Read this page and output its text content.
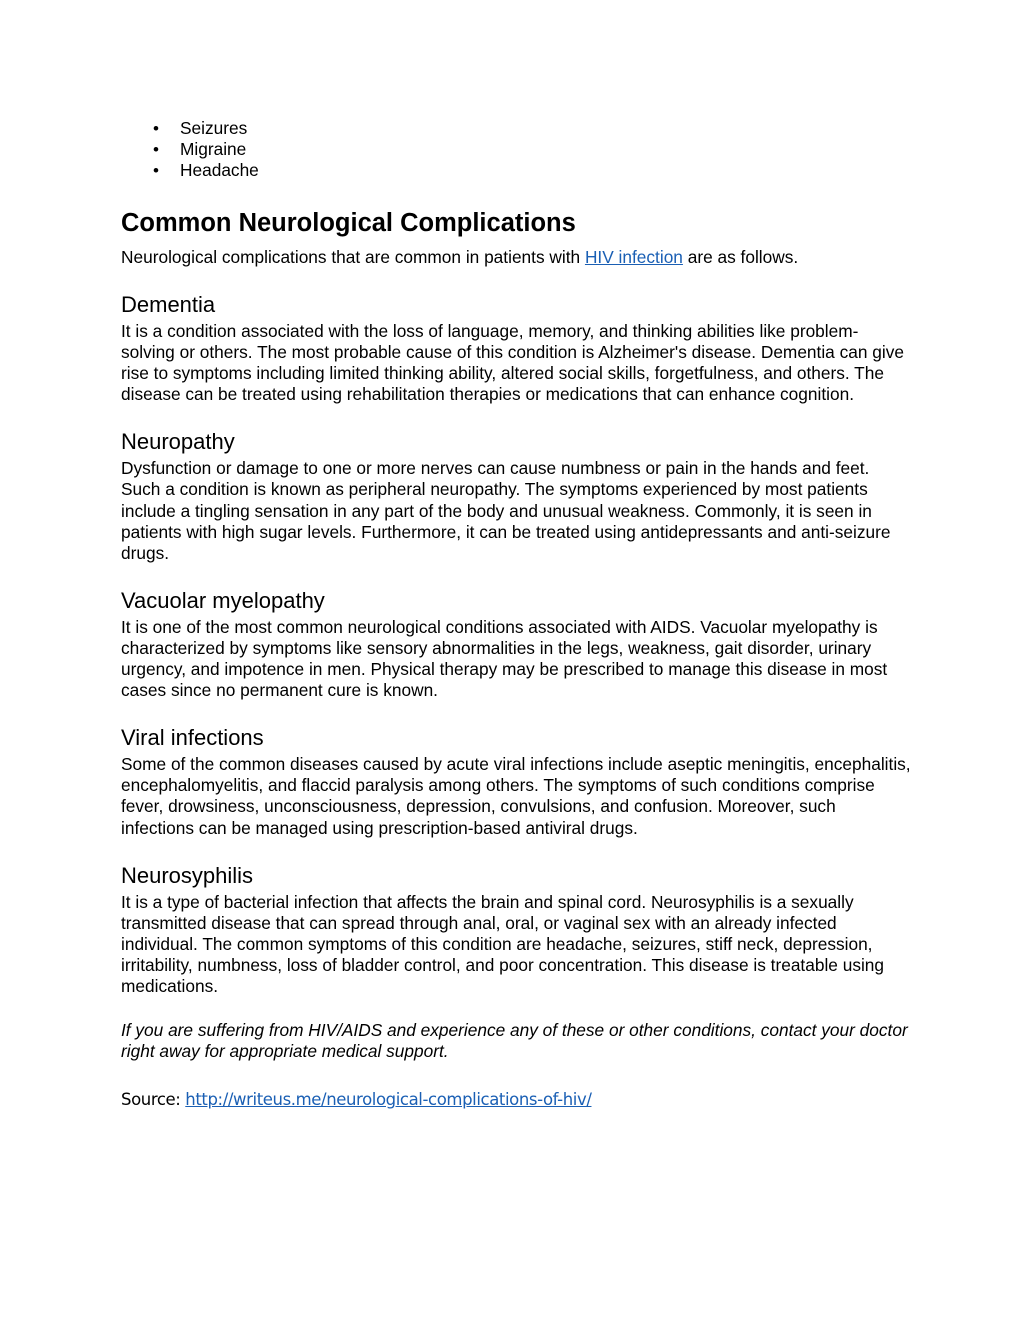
• Seizures
• Migraine
• Headache
Common Neurological Complications

Neurological complications that are common in patients with HIV infection are as follows.

Dementia

It is a condition associated with the loss of language, memory, and thinking abilities like problem-solving or others. The most probable cause of this condition is Alzheimer's disease. Dementia can give rise to symptoms including limited thinking ability, altered social skills, forgetfulness, and others. The disease can be treated using rehabilitation therapies or medications that can enhance cognition.

Neuropathy

Dysfunction or damage to one or more nerves can cause numbness or pain in the hands and feet. Such a condition is known as peripheral neuropathy. The symptoms experienced by most patients include a tingling sensation in any part of the body and unusual weakness. Commonly, it is seen in patients with high sugar levels. Furthermore, it can be treated using antidepressants and anti-seizure drugs.

Vacuolar myelopathy

It is one of the most common neurological conditions associated with AIDS. Vacuolar myelopathy is characterized by symptoms like sensory abnormalities in the legs, weakness, gait disorder, urinary urgency, and impotence in men. Physical therapy may be prescribed to manage this disease in most cases since no permanent cure is known.

Viral infections

Some of the common diseases caused by acute viral infections include aseptic meningitis, encephalitis, encephalomyelitis, and flaccid paralysis among others. The symptoms of such conditions comprise fever, drowsiness, unconsciousness, depression, convulsions, and confusion. Moreover, such infections can be managed using prescription-based antiviral drugs.

Neurosyphilis

It is a type of bacterial infection that affects the brain and spinal cord. Neurosyphilis is a sexually transmitted disease that can spread through anal, oral, or vaginal sex with an already infected individual. The common symptoms of this condition are headache, seizures, stiff neck, depression, irritability, numbness, loss of bladder control, and poor concentration. This disease is treatable using medications.

If you are suffering from HIV/AIDS and experience any of these or other conditions, contact your doctor right away for appropriate medical support.

Source: http://writeus.me/neurological-complications-of-hiv/
